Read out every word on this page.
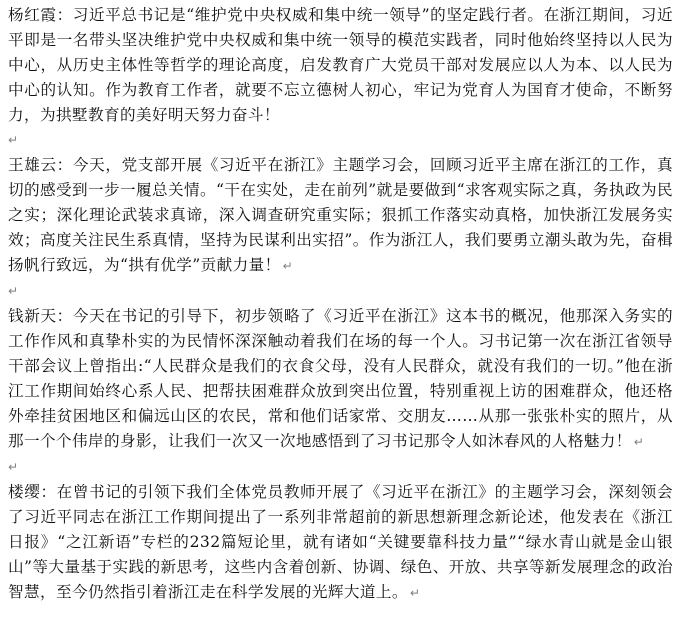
杨红霞：习近平总书记是“维护党中央权威和集中统一领导”的坚定践行者。在浙江期间，习近平即是一名带头坚决维护党中央权威和集中统一领导的模范实践者，同时他始终坚持以人民为中心，从历史主体性等哲学的理论高度，启发教育广大党员干部对发展应以人为本、以人民为中心的认知。作为教育工作者，就要不忘立德树人初心，牢记为党育人为国育才使命，不断努力，为拱墅教育的美好明天努力奋斗！

↵

王雄云：今天，党支部开展《习近平在浙江》主题学习会，回顾习近平主席在浙江的工作，真切的感受到一步一履总关情。“干在实处，走在前列”就是要做到“求客观实际之真，务执政为民之实；深化理论武装求真谛，深入调查研究重实际；狠抓工作落实动真格，加快浙江发展务实效；高度关注民生系真情，坚持为民谋利出实招”。作为浙江人，我们要勇立潮头敢为先，奋楫扬帆行致远，为“拱有优学”贡献力量！ ↵

↵

钱新天：今天在书记的引导下，初步领略了《习近平在浙江》这本书的概况，他那深入务实的工作作风和真挚朴实的为民情怀深深触动着我们在场的每一个人。习书记第一次在浙江省领导干部会议上曾指出:“人民群众是我们的衣食父母，没有人民群众，就没有我们的一切。”他在浙江工作期间始终心系人民、把帮扶困难群众放到突出位置，特别重视上访的困难群众，他还格外牵挂贫困地区和偏远山区的农民，常和他们话家常、交朋友……从那一张张朴实的照片，从那一个个伟岸的身影，让我们一次又一次地感悟到了习书记那令人如沐春风的人格魅力！ ↵

↵

楼缨：在曾书记的引领下我们全体党员教师开展了《习近平在浙江》的主题学习会，深刻领会了习近平同志在浙江工作期间提出了一系列非常超前的新思想新理念新论述，他发表在《浙江日报》“之江新语”专栏的232篇短论里，就有诸如“关键要靠科技力量”“绿水青山就是金山银山”等大量基于实践的新思考，这些内含着创新、协调、绿色、开放、共享等新发展理念的政治智慧，至今仍然指引着浙江走在科学发展的光辉大道上。 ↵
